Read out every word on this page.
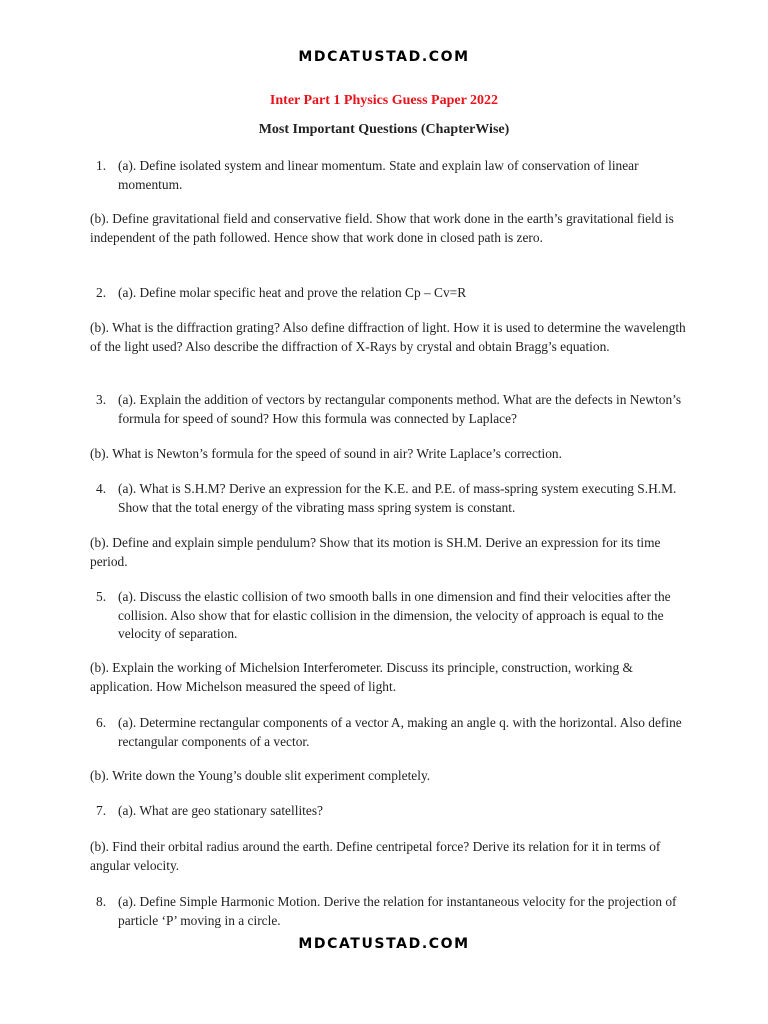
MDCATUSTAD.COM
Inter Part 1 Physics Guess Paper 2022
Most Important Questions (ChapterWise)
1. (a). Define isolated system and linear momentum. State and explain law of conservation of linear momentum.
(b). Define gravitational field and conservative field. Show that work done in the earth’s gravitational field is independent of the path followed. Hence show that work done in closed path is zero.
2. (a). Define molar specific heat and prove the relation Cp – Cv=R
(b). What is the diffraction grating? Also define diffraction of light. How it is used to determine the wavelength of the light used? Also describe the diffraction of X-Rays by crystal and obtain Bragg’s equation.
3. (a). Explain the addition of vectors by rectangular components method. What are the defects in Newton’s formula for speed of sound? How this formula was connected by Laplace?
(b). What is Newton’s formula for the speed of sound in air? Write Laplace’s correction.
4. (a). What is S.H.M? Derive an expression for the K.E. and P.E. of mass-spring system executing S.H.M. Show that the total energy of the vibrating mass spring system is constant.
(b). Define and explain simple pendulum? Show that its motion is SH.M. Derive an expression for its time period.
5. (a). Discuss the elastic collision of two smooth balls in one dimension and find their velocities after the collision. Also show that for elastic collision in the dimension, the velocity of approach is equal to the velocity of separation.
(b). Explain the working of Michelsion Interferometer. Discuss its principle, construction, working & application. How Michelson measured the speed of light.
6. (a). Determine rectangular components of a vector A, making an angle q. with the horizontal. Also define rectangular components of a vector.
(b). Write down the Young’s double slit experiment completely.
7. (a). What are geo stationary satellites?
(b). Find their orbital radius around the earth. Define centripetal force? Derive its relation for it in terms of angular velocity.
8. (a). Define Simple Harmonic Motion. Derive the relation for instantaneous velocity for the projection of particle ‘P’ moving in a circle.
MDCATUSTAD.COM
